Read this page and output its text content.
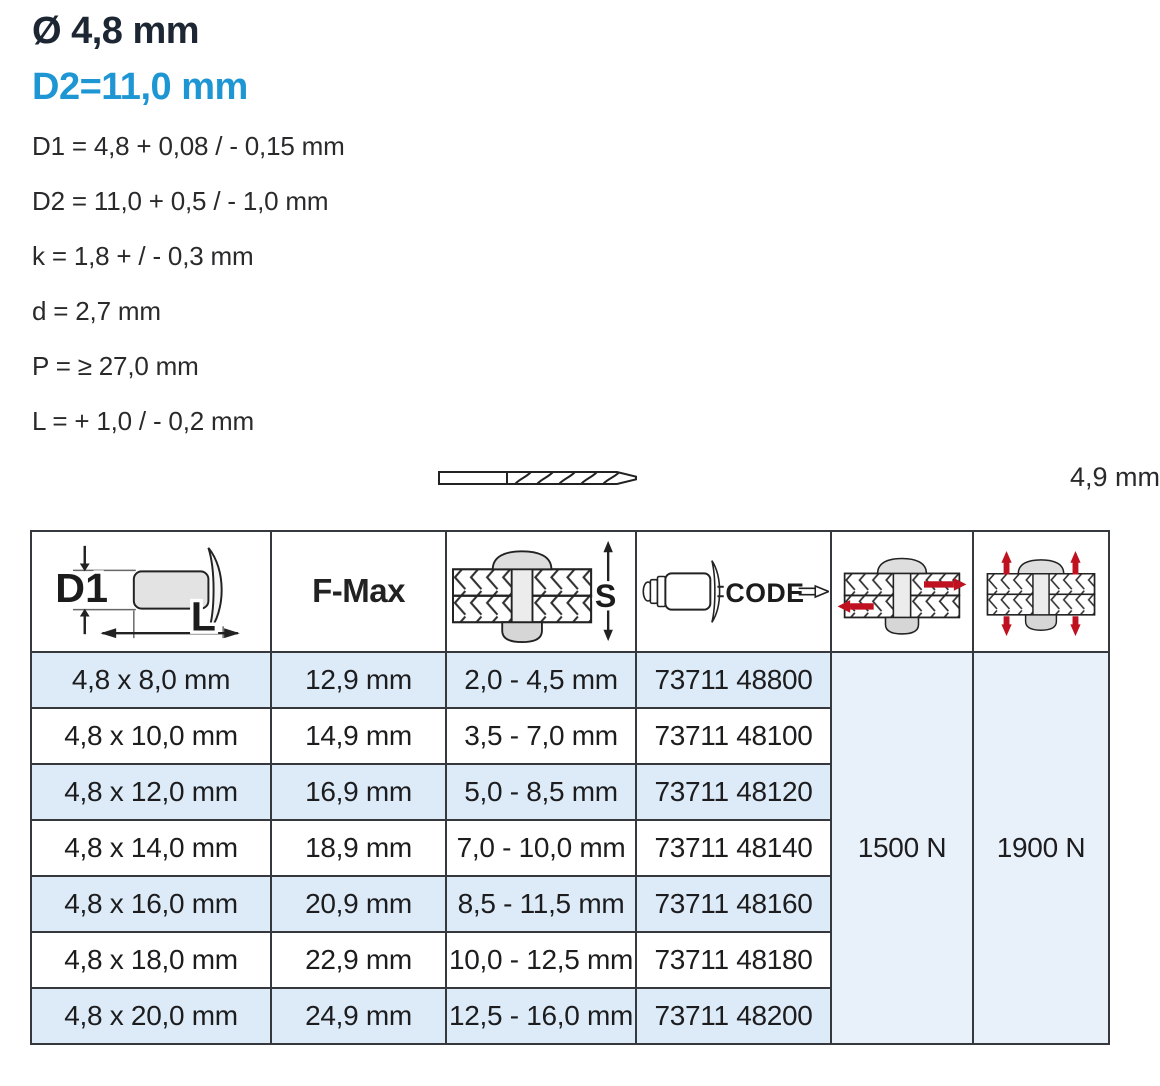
Ø 4,8 mm
D2=11,0 mm

D1 = 4,8 + 0,08 / - 0,15 mm

D2 = 11,0 + 0,5 / - 1,0 mm

k = 1,8 + / - 0,3 mm

d = 2,7 mm

P = ≥ 27,0 mm

L = + 1,0 / - 0,2 mm

4,9 mm
D1
L	F-Max	S	CODE

4,8 x 8,0 mm	12,9 mm	2,0 - 4,5 mm	73711 48800	1500 N	1900 N
4,8 x 10,0 mm	14,9 mm	3,5 - 7,0 mm	73711 48100		
4,8 x 12,0 mm	16,9 mm	5,0 - 8,5 mm	73711 48120		
4,8 x 14,0 mm	18,9 mm	7,0 - 10,0 mm	73711 48140		
4,8 x 16,0 mm	20,9 mm	8,5 - 11,5 mm	73711 48160		
4,8 x 18,0 mm	22,9 mm	10,0 - 12,5 mm	73711 48180		
4,8 x 20,0 mm	24,9 mm	12,5 - 16,0 mm	73711 48200		
